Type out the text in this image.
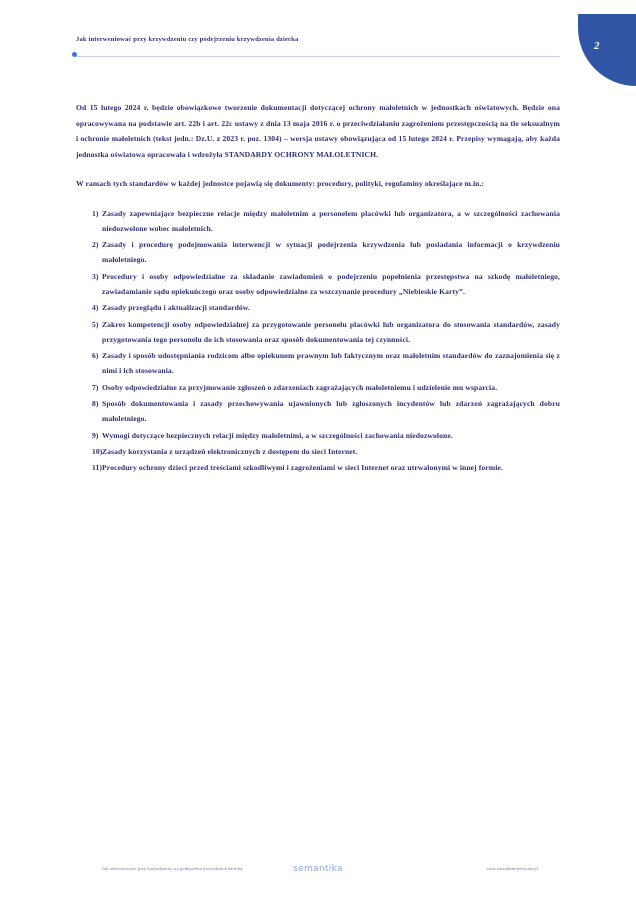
Jak interweniować przy krzywdzeniu czy podejrzeniu krzywdzenia dziecka
2

Od 15 lutego 2024 r. będzie obowiązkowe tworzenie dokumentacji dotyczącej ochrony małoletnich w jednostkach oświatowych. Będzie ona opracowywana na podstawie art. 22b i art. 22c ustawy z dnia 13 maja 2016 r. o przeciwdziałaniu zagrożeniom przestępczością na tle seksualnym i ochronie małoletnich (tekst jedn.: Dz.U. z 2023 r. poz. 1304) – wersja ustawy obowiązująca od 15 lutego 2024 r. Przepisy wymagają, aby każda jednostka oświatowa opracowała i wdrożyła STANDARDY OCHRONY MAŁOLETNICH.

W ramach tych standardów w każdej jednostce pojawią się dokumenty: procedury, polityki, regulaminy określające m.in.:

1) Zasady zapewniające bezpieczne relacje między małoletnim a personelem placówki lub organizatora, a w szczególności zachowania niedozwolone wobec małoletnich.
2) Zasady i procedurę podejmowania interwencji w sytuacji podejrzenia krzywdzenia lub posiadania informacji o krzywdzeniu małoletniego.
3) Procedury i osoby odpowiedzialne za składanie zawiadomień o podejrzeniu popełnienia przestępstwa na szkodę małoletniego, zawiadamianie sądu opiekuńczego oraz osoby odpowiedzialne za wszczynanie procedury „Niebieskie Karty”.
4) Zasady przeglądu i aktualizacji standardów.
5) Zakres kompetencji osoby odpowiedzialnej za przygotowanie personelu placówki lub organizatora do stosowania standardów, zasady przygotowania tego personelu do ich stosowania oraz sposób dokumentowania tej czynności.
6) Zasady i sposób udostępniania rodzicom albo opiekunom prawnym lub faktycznym oraz małoletnim standardów do zaznajomienia się z nimi i ich stosowania.
7) Osoby odpowiedzialne za przyjmowanie zgłoszeń o zdarzeniach zagrażających małoletniemu i udzielenie mu wsparcia.
8) Sposób dokumentowania i zasady przechowywania ujawnionych lub zgłoszonych incydentów lub zdarzeń zagrażających dobru małoletniego.
9) Wymogi dotyczące bezpiecznych relacji między małoletnimi, a w szczególności zachowania niedozwolone.
10) Zasady korzystania z urządzeń elektronicznych z dostępem do sieci Internet.
11) Procedury ochrony dzieci przed treściami szkodliwymi i zagrożeniami w sieci Internet oraz utrwalonymi w innej formie.
Jak interweniować przy krzywdzeniu czy podejrzeniu krzywdzenia dziecka	semantika	www.zarzadzanieoswiata.pl
